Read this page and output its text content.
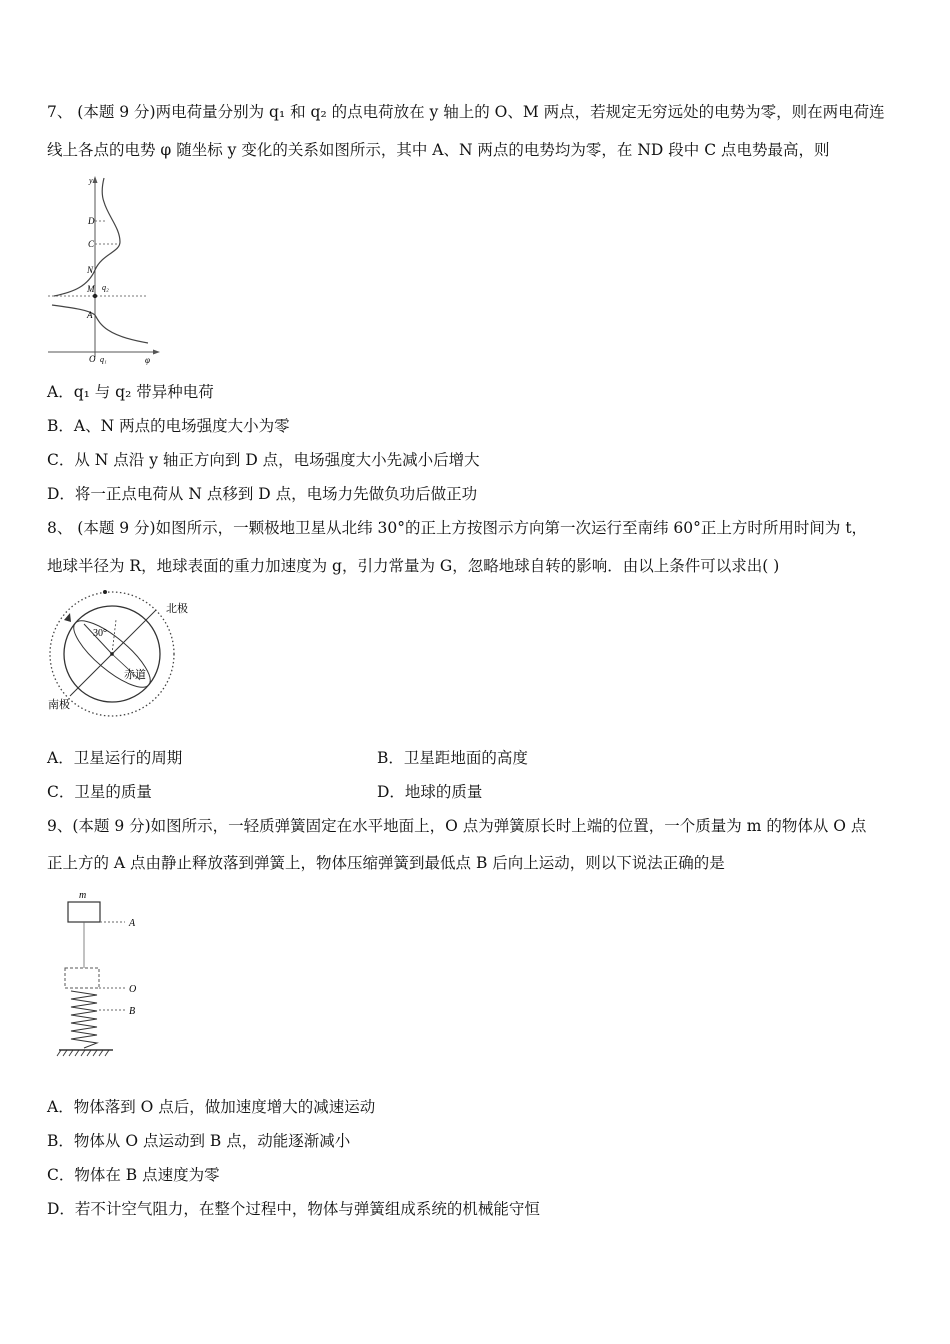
7、 (本题 9 分)两电荷量分别为 q₁ 和 q₂ 的点电荷放在 y 轴上的 O、M 两点，若规定无穷远处的电势为零，则在两电荷连
线上各点的电势 φ 随坐标 y 变化的关系如图所示，其中 A、N 两点的电势均为零，在 ND 段中 C 点电势最高，则
y
D
C
N
M q₂
A
O q₁	φ
A．q₁ 与 q₂ 带异种电荷
B．A、N 两点的电场强度大小为零
C．从 N 点沿 y 轴正方向到 D 点，电场强度大小先减小后增大
D．将一正点电荷从 N 点移到 D 点，电场力先做负功后做正功
8、 (本题 9 分)如图所示，一颗极地卫星从北纬 30°的正上方按图示方向第一次运行至南纬 60°正上方时所用时间为 t，
地球半径为 R，地球表面的重力加速度为 g，引力常量为 G，忽略地球自转的影响．由以上条件可以求出( )
北极
南极
赤道
30°
A．卫星运行的周期	B．卫星距地面的高度
C．卫星的质量	D．地球的质量
9、(本题 9 分)如图所示，一轻质弹簧固定在水平地面上，O 点为弹簧原长时上端的位置，一个质量为 m 的物体从 O 点
正上方的 A 点由静止释放落到弹簧上，物体压缩弹簧到最低点 B 后向上运动，则以下说法正确的是
m
A
O
B
A．物体落到 O 点后，做加速度增大的减速运动
B．物体从 O 点运动到 B 点，动能逐渐减小
C．物体在 B 点速度为零
D．若不计空气阻力，在整个过程中，物体与弹簧组成系统的机械能守恒
